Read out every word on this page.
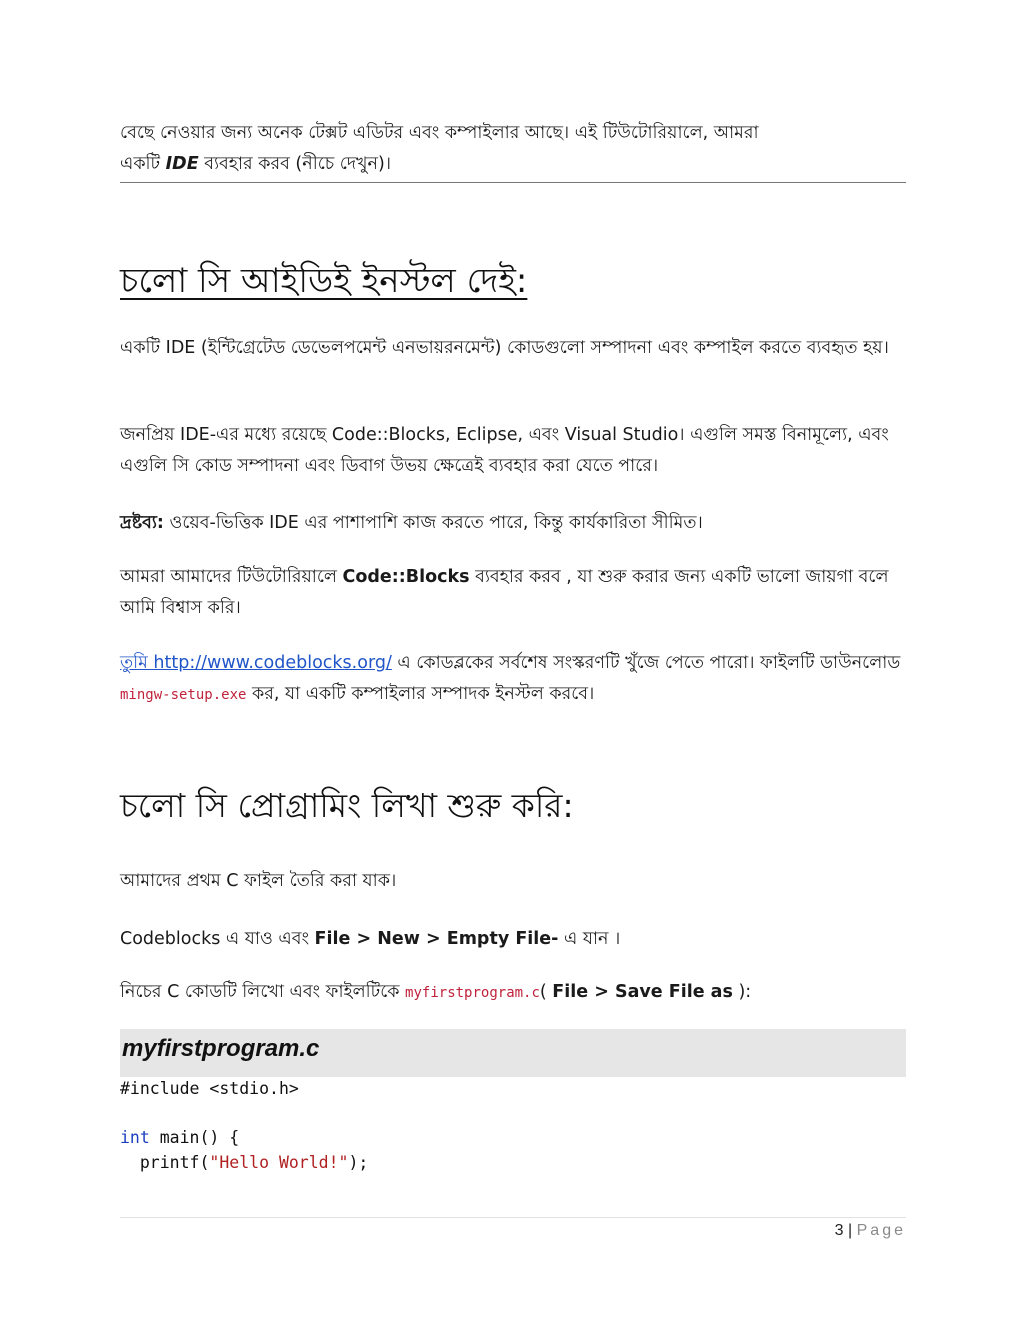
বেছে নেওয়ার জন্য অনেক টেক্সট এডিটর এবং কম্পাইলার আছে। এই টিউটোরিয়ালে, আমরা
একটি IDE ব্যবহার করব (নীচে দেখুন)।

চলো সি আইডিই ইনস্টল দেই:

একটি IDE (ইন্টিগ্রেটেড ডেভেলপমেন্ট এনভায়রনমেন্ট) কোডগুলো সম্পাদনা এবং কম্পাইল করতে ব্যবহৃত হয়।

জনপ্রিয় IDE-এর মধ্যে রয়েছে Code::Blocks, Eclipse, এবং Visual Studio। এগুলি সমস্ত বিনামূল্যে, এবং এগুলি সি কোড সম্পাদনা এবং ডিবাগ উভয় ক্ষেত্রেই ব্যবহার করা যেতে পারে।

দ্রষ্টব্য: ওয়েব-ভিত্তিক IDE এর পাশাপাশি কাজ করতে পারে, কিন্তু কার্যকারিতা সীমিত।

আমরা আমাদের টিউটোরিয়ালে Code::Blocks ব্যবহার করব , যা শুরু করার জন্য একটি ভালো জায়গা বলে আমি বিশ্বাস করি।

তুমি http://www.codeblocks.org/ এ কোডব্লকের সর্বশেষ সংস্করণটি খুঁজে পেতে পারো। ফাইলটি ডাউনলোড mingw-setup.exe কর, যা একটি কম্পাইলার সম্পাদক ইনস্টল করবে।

চলো সি প্রোগ্রামিং লিখা শুরু করি:

আমাদের প্রথম C ফাইল তৈরি করা যাক।

Codeblocks এ যাও এবং File > New > Empty File- এ যান ।

নিচের C কোডটি লিখো এবং ফাইলটিকে myfirstprogram.c( File > Save File as ):

myfirstprogram.c
#include <stdio.h>

int main() {
printf("Hello World!");
3 | Page
